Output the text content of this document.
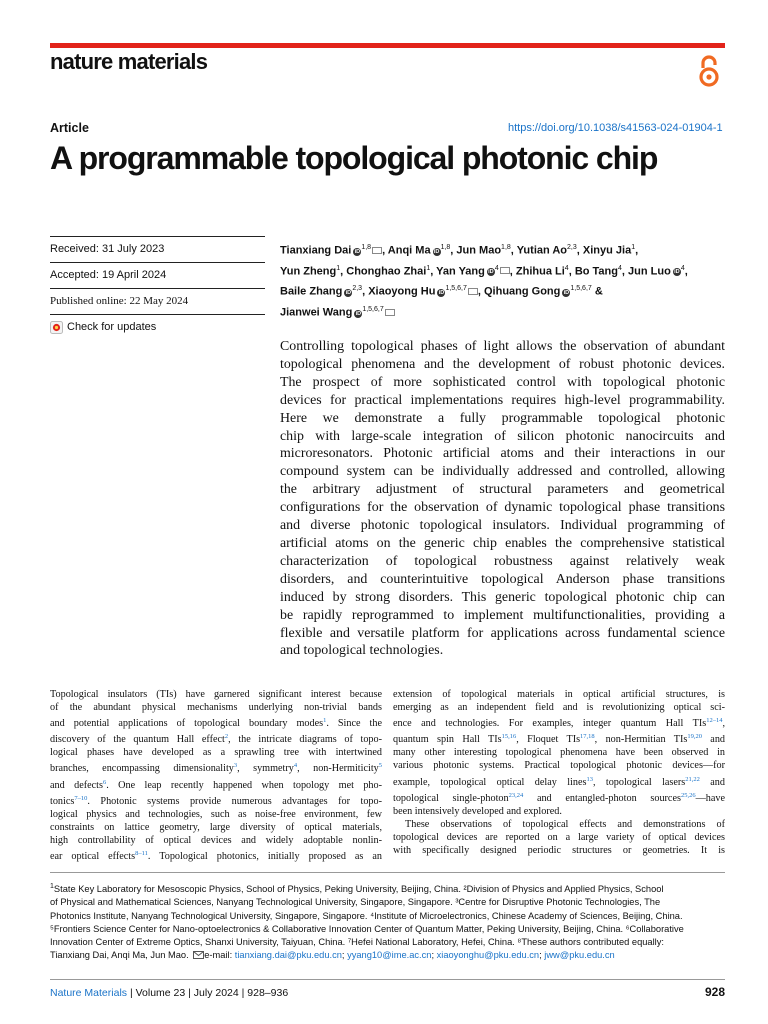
nature materials
Article	https://doi.org/10.1038/s41563-024-01904-1
A programmable topological photonic chip
Received: 31 July 2023
Accepted: 19 April 2024
Published online: 22 May 2024
Check for updates
Tianxiang Dai iD$^{1,8}$ , Anqi Ma iD$^{1,8}$, Jun Mao$^{1,8}$, Yutian Ao$^{2,3}$, Xinyu Jia$^1$,
Yun Zheng$^1$, Chonghao Zhai$^1$, Yan Yang $iD^4$ , Zhihua Li$^4$, Bo Tang$^4$, Jun Luo $iD^4$,
Baile Zhang iD$^{2,3}$, Xiaoyong Hu iD$^{1,5,6,7}$ , Qihuang Gong iD$^{1,5,6,7}$ &
Jianwei Wang iD$^{1,5,6,7}$
Controlling topological phases of light allows the observation of abundant
topological phenomena and the development of robust photonic devices.
The prospect of more sophisticated control with topological photonic
devices for practical implementations requires high-level programmability.
Here we demonstrate a fully programmable topological photonic
chip with large-scale integration of silicon photonic nanocircuits and
microresonators. Photonic artificial atoms and their interactions in our
compound system can be individually addressed and controlled, allowing
the arbitrary adjustment of structural parameters and geometrical
configurations for the observation of dynamic topological phase transitions
and diverse photonic topological insulators. Individual programming of
artificial atoms on the generic chip enables the comprehensive statistical
characterization of topological robustness against relatively weak
disorders, and counterintuitive topological Anderson phase transitions
induced by strong disorders. This generic topological photonic chip can
be rapidly reprogrammed to implement multifunctionalities, providing a
flexible and versatile platform for applications across fundamental science
and topological technologies.
Topological insulators (TIs) have garnered significant interest because
of the abundant physical mechanisms underlying non-trivial bands
and potential applications of topological boundary modes$^1$. Since the
discovery of the quantum Hall effect$^2$, the intricate diagrams of topo-
logical phases have developed as a sprawling tree with intertwined
branches, encompassing dimensionality$^3$, symmetry$^4$, non-Hermiticity$^5$
and defects$^6$. One leap recently happened when topology met pho-
tonics$^{7-10}$. Photonic systems provide numerous advantages for topo-
logical physics and technologies, such as noise-free environment, few
constraints on lattice geometry, large diversity of optical materials,
high controllability of optical devices and widely adoptable nonlin-
ear optical effects$^{8-11}$. Topological photonics, initially proposed as an
extension of topological materials in optical artificial structures, is
emerging as an independent field and is revolutionizing optical sci-
ence and technologies. For examples, integer quantum Hall TIs$^{12-14}$,
quantum spin Hall TIs$^{15,16}$, Floquet TIs$^{17,18}$, non-Hermitian TIs$^{19,20}$ and
many other interesting topological phenomena have been observed in
various photonic systems. Practical topological photonic devices—for
example, topological optical delay lines$^{13}$, topological lasers$^{21,22}$ and
topological single-photon$^{23,24}$ and entangled-photon sources$^{25,26}$—have
been intensively developed and explored.
These observations of topological effects and demonstrations of
topological devices are reported on a large variety of optical devices
with specifically designed periodic structures or geometries. It is
$^1$State Key Laboratory for Mesoscopic Physics, School of Physics, Peking University, Beijing, China. ²Division of Physics and Applied Physics, School
of Physical and Mathematical Sciences, Nanyang Technological University, Singapore, Singapore. ³Centre for Disruptive Photonic Technologies, The
Photonics Institute, Nanyang Technological University, Singapore, Singapore. ⁴Institute of Microelectronics, Chinese Academy of Sciences, Beijing, China.
⁵Frontiers Science Center for Nano-optoelectronics & Collaborative Innovation Center of Quantum Matter, Peking University, Beijing, China. ⁶Collaborative
Innovation Center of Extreme Optics, Shanxi University, Taiyuan, China. ⁷Hefei National Laboratory, Hefei, China. ⁸These authors contributed equally:
Tianxiang Dai, Anqi Ma, Jun Mao. e-mail: tianxiang.dai@pku.edu.cn; yyang10@ime.ac.cn; xiaoyonghu@pku.edu.cn; jww@pku.edu.cn
Nature Materials | Volume 23 | July 2024 | 928–936	928
